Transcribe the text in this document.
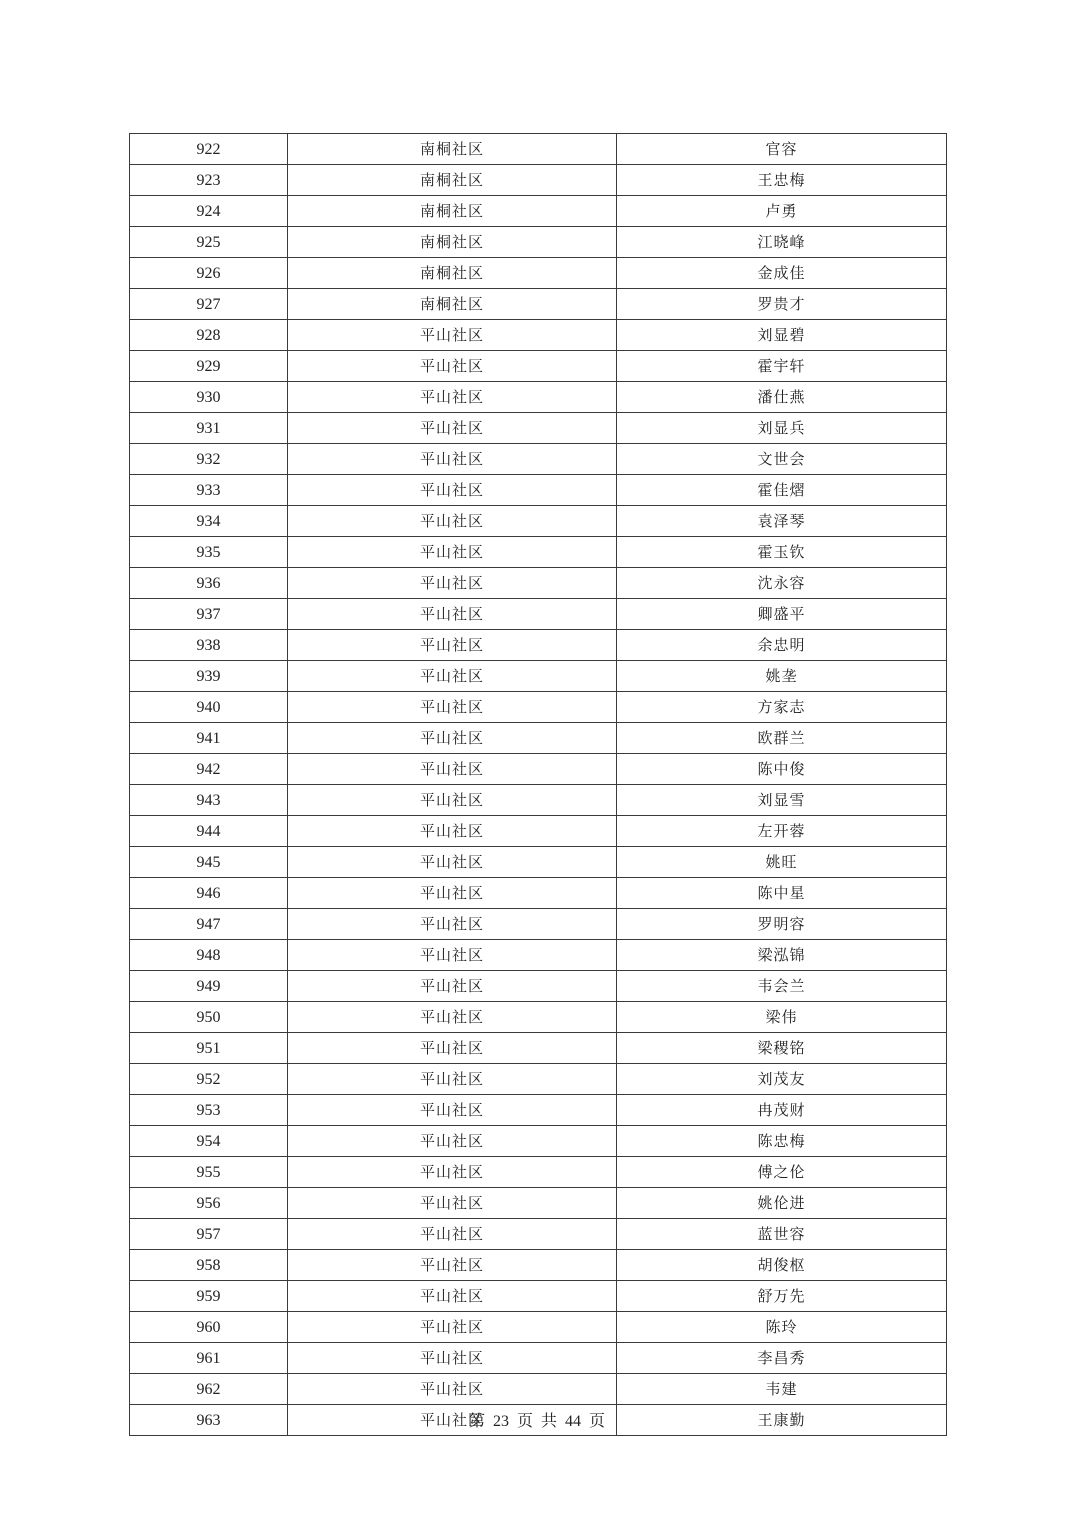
922	南桐社区	官容
923	南桐社区	王忠梅
924	南桐社区	卢勇
925	南桐社区	江晓峰
926	南桐社区	金成佳
927	南桐社区	罗贵才
928	平山社区	刘显碧
929	平山社区	霍宇轩
930	平山社区	潘仕燕
931	平山社区	刘显兵
932	平山社区	文世会
933	平山社区	霍佳熠
934	平山社区	袁泽琴
935	平山社区	霍玉钦
936	平山社区	沈永容
937	平山社区	卿盛平
938	平山社区	余忠明
939	平山社区	姚垄
940	平山社区	方家志
941	平山社区	欧群兰
942	平山社区	陈中俊
943	平山社区	刘显雪
944	平山社区	左开蓉
945	平山社区	姚旺
946	平山社区	陈中星
947	平山社区	罗明容
948	平山社区	梁泓锦
949	平山社区	韦会兰
950	平山社区	梁伟
951	平山社区	梁稷铭
952	平山社区	刘茂友
953	平山社区	冉茂财
954	平山社区	陈忠梅
955	平山社区	傅之伦
956	平山社区	姚伦进
957	平山社区	蓝世容
958	平山社区	胡俊枢
959	平山社区	舒万先
960	平山社区	陈玲
961	平山社区	李昌秀
962	平山社区	韦建
963	平山社区	王康勤
第 23 页 共 44 页
